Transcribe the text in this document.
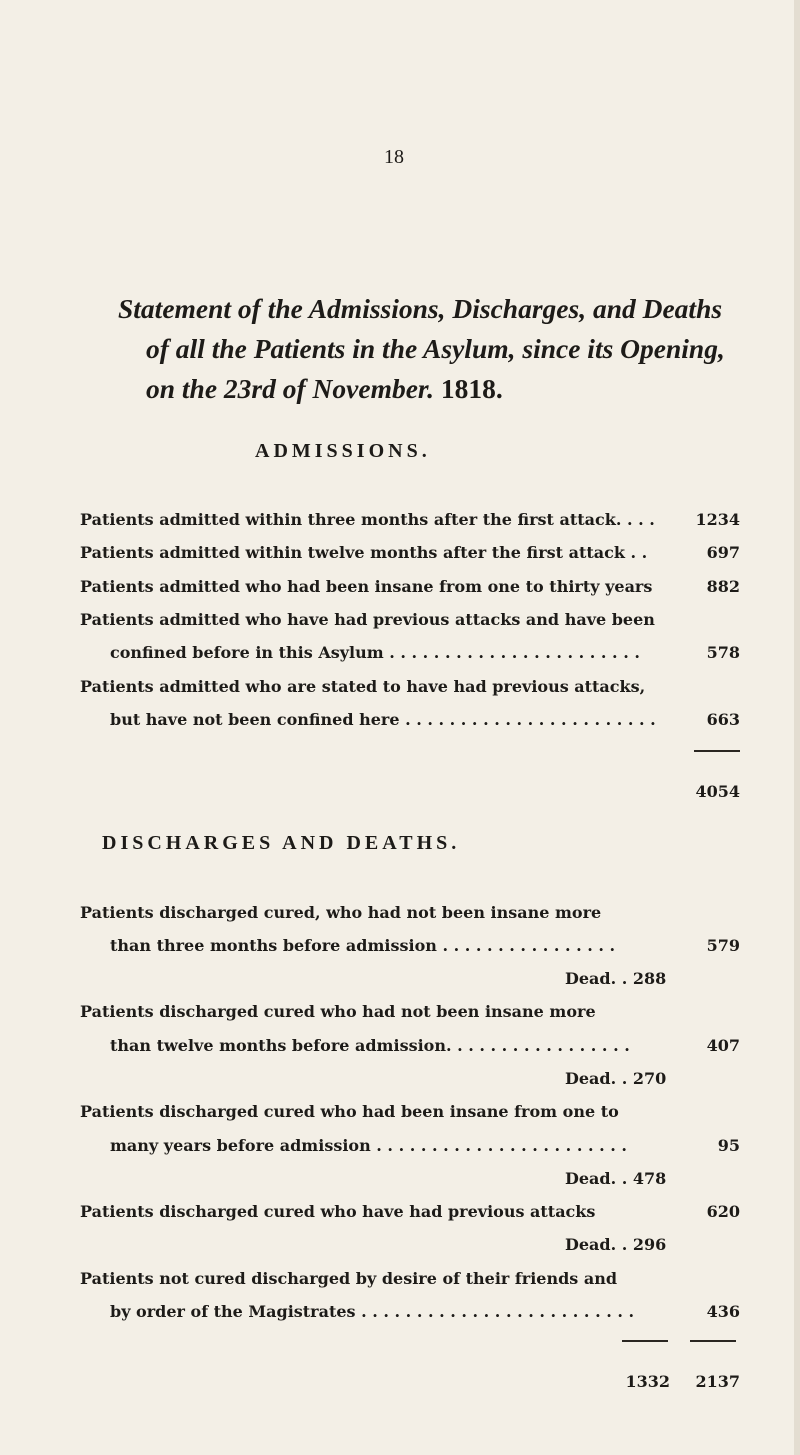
18
Statement of the Admissions, Discharges, and Deaths
of all the Patients in the Asylum, since its Opening,
on the 23rd of November. 1818.
ADMISSIONS.
Patients admitted within three months after the first attack. . . .	1234
Patients admitted within twelve months after the first attack . .	697
Patients admitted who had been insane from one to thirty years	882
Patients admitted who have had previous attacks and have been
confined before in this Asylum . . . . . . . . . . . . . . . . . . . . . . .	578
Patients admitted who are stated to have had previous attacks,
but have not been confined here . . . . . . . . . . . . . . . . . . . . . . .	663
4054
DISCHARGES AND DEATHS.
Patients discharged cured, who had not been insane more
than three months before admission . . . . . . . . . . . . . . . .	579
Dead. . 288
Patients discharged cured who had not been insane more
than twelve months before admission. . . . . . . . . . . . . . . . .	407
Dead. . 270
Patients discharged cured who had been insane from one to
many years before admission . . . . . . . . . . . . . . . . . . . . . . .	95
Dead. . 478
Patients discharged cured who have had previous attacks	620
Dead. . 296
Patients not cured discharged by desire of their friends and
by order of the Magistrates . . . . . . . . . . . . . . . . . . . . . . . . .	436
1332	2137
